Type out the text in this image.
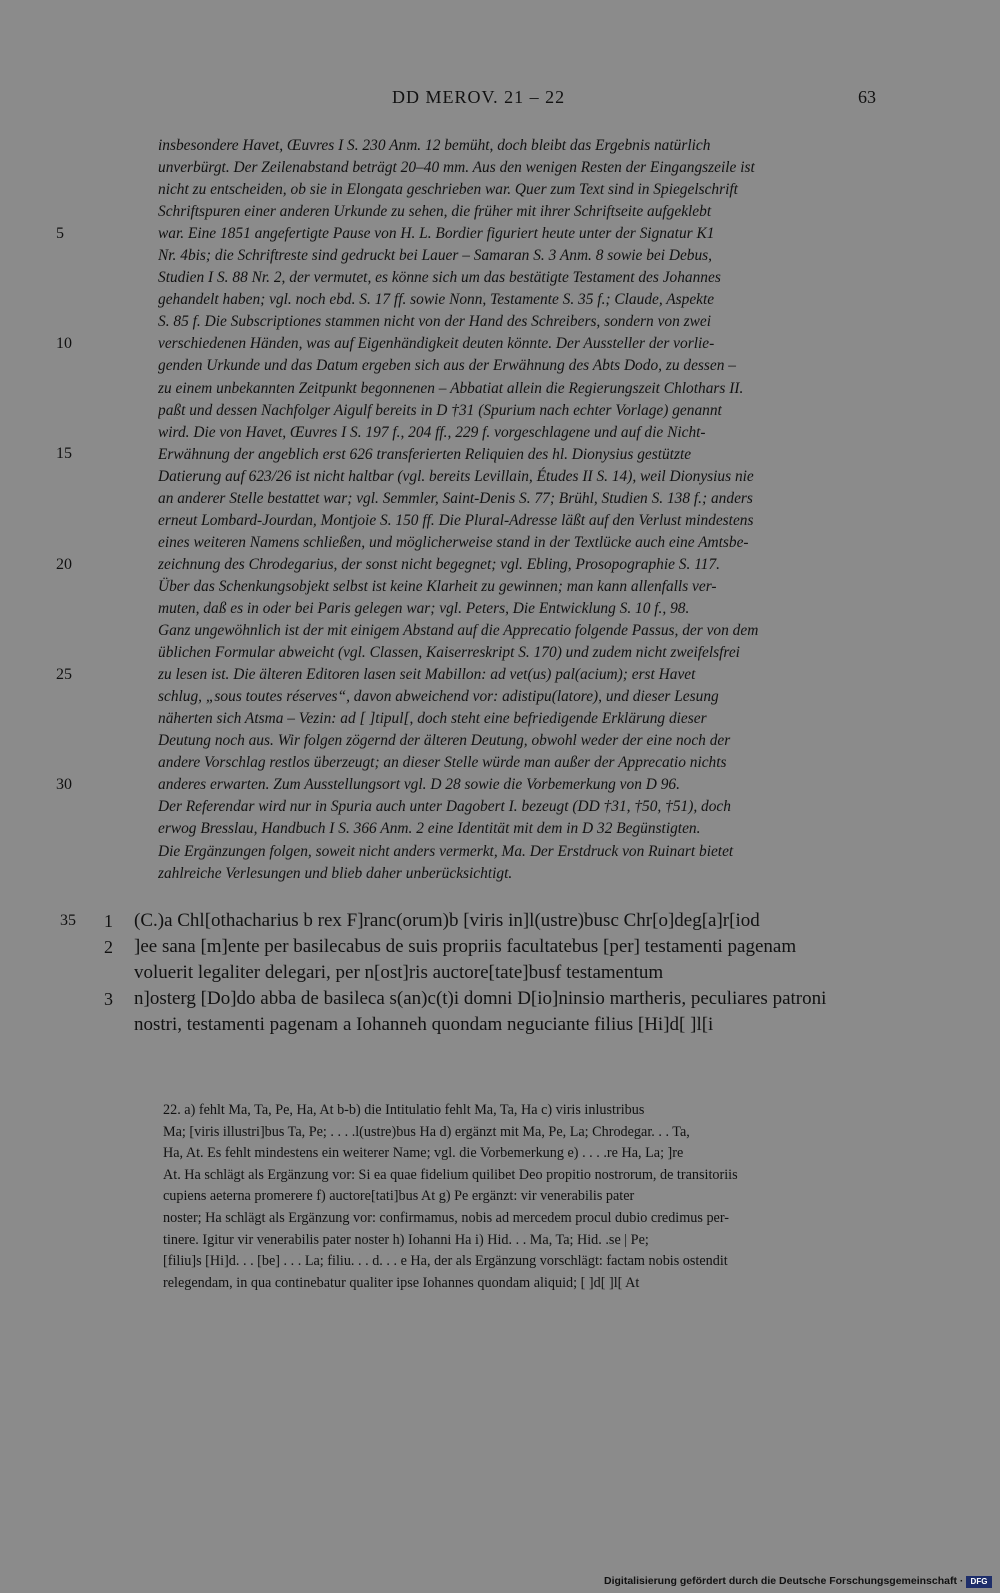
DD MEROV. 21 – 22	63
insbesondere Havet, Œuvres I S. 230 Anm. 12 bemüht, doch bleibt das Ergebnis natürlich
unverbürgt. Der Zeilenabstand beträgt 20–40 mm. Aus den wenigen Resten der Eingangszeile ist
nicht zu entscheiden, ob sie in Elongata geschrieben war. Quer zum Text sind in Spiegelschrift
Schriftspuren einer anderen Urkunde zu sehen, die früher mit ihrer Schriftseite aufgeklebt
war. Eine 1851 angefertigte Pause von H. L. Bordier figuriert heute unter der Signatur K1
Nr. 4bis; die Schriftreste sind gedruckt bei Lauer – Samaran S. 3 Anm. 8 sowie bei Debus,
Studien I S. 88 Nr. 2, der vermutet, es könne sich um das bestätigte Testament des Johannes
gehandelt haben; vgl. noch ebd. S. 17 ff. sowie Nonn, Testamente S. 35 f.; Claude, Aspekte
S. 85 f. Die Subscriptiones stammen nicht von der Hand des Schreibers, sondern von zwei
verschiedenen Händen, was auf Eigenhändigkeit deuten könnte. Der Aussteller der vorlie-
genden Urkunde und das Datum ergeben sich aus der Erwähnung des Abts Dodo, zu dessen –
zu einem unbekannten Zeitpunkt begonnenen – Abbatiat allein die Regierungszeit Chlothars II.
paßt und dessen Nachfolger Aigulf bereits in D †31 (Spurium nach echter Vorlage) genannt
wird. Die von Havet, Œuvres I S. 197 f., 204 ff., 229 f. vorgeschlagene und auf die Nicht-
Erwähnung der angeblich erst 626 transferierten Reliquien des hl. Dionysius gestützte
Datierung auf 623/26 ist nicht haltbar (vgl. bereits Levillain, Études II S. 14), weil Dionysius nie
an anderer Stelle bestattet war; vgl. Semmler, Saint-Denis S. 77; Brühl, Studien S. 138 f.; anders
erneut Lombard-Jourdan, Montjoie S. 150 ff. Die Plural-Adresse läßt auf den Verlust mindestens
eines weiteren Namens schließen, und möglicherweise stand in der Textlücke auch eine Amtsbe-
zeichnung des Chrodegarius, der sonst nicht begegnet; vgl. Ebling, Prosopographie S. 117.
Über das Schenkungsobjekt selbst ist keine Klarheit zu gewinnen; man kann allenfalls ver-
muten, daß es in oder bei Paris gelegen war; vgl. Peters, Die Entwicklung S. 10 f., 98.
Ganz ungewöhnlich ist der mit einigem Abstand auf die Apprecatio folgende Passus, der von dem
üblichen Formular abweicht (vgl. Classen, Kaiserreskript S. 170) und zudem nicht zweifelsfrei
zu lesen ist. Die älteren Editoren lasen seit Mabillon: ad vet(us) pal(acium); erst Havet
schlug, „sous toutes réserves“, davon abweichend vor: adistipu(latore), und dieser Lesung
näherten sich Atsma – Vezin: ad [ ]tipul[, doch steht eine befriedigende Erklärung dieser
Deutung noch aus. Wir folgen zögernd der älteren Deutung, obwohl weder der eine noch der
andere Vorschlag restlos überzeugt; an dieser Stelle würde man außer der Apprecatio nichts
anderes erwarten. Zum Ausstellungsort vgl. D 28 sowie die Vorbemerkung von D 96.
Der Referendar wird nur in Spuria auch unter Dagobert I. bezeugt (DD †31, †50, †51), doch
erwog Bresslau, Handbuch I S. 366 Anm. 2 eine Identität mit dem in D 32 Begünstigten.
Die Ergänzungen folgen, soweit nicht anders vermerkt, Ma. Der Erstdruck von Ruinart bietet
zahlreiche Verlesungen und blieb daher unberücksichtigt.
5
10
15
20
25
30
35 1 (C.)a Chl[othacharius b rex F]ranc(orum)b [viris in]l(ustre)busc Chr[o]deg[a]r[iod
2 ]ee sana [m]ente per basilecabus de suis propriis facultatebus [per] testamenti pagenam
voluerit legaliter delegari, per n[ost]ris auctore[tate]busf testamentum
3 n]osterg [Do]do abba de basileca s(an)c(t)i domni D[io]ninsio martheris, peculiares patroni
nostri, testamenti pagenam a Iohanneh quondam neguciante filius [Hi]d[ ]l[i
22. a) fehlt Ma, Ta, Pe, Ha, At b-b) die Intitulatio fehlt Ma, Ta, Ha c) viris inlustribus
Ma; [viris illustri]bus Ta, Pe; . . . .l(ustre)bus Ha d) ergänzt mit Ma, Pe, La; Chrodegar. . . Ta,
Ha, At. Es fehlt mindestens ein weiterer Name; vgl. die Vorbemerkung e) . . . .re Ha, La; ]re
At. Ha schlägt als Ergänzung vor: Si ea quae fidelium quilibet Deo propitio nostrorum, de transitoriis
cupiens aeterna promerere f) auctore[tati]bus At g) Pe ergänzt: vir venerabilis pater
noster; Ha schlägt als Ergänzung vor: confirmamus, nobis ad mercedem procul dubio credimus per-
tinere. Igitur vir venerabilis pater noster h) Iohanni Ha i) Hid. . . Ma, Ta; Hid. .se | Pe;
[filiu]s [Hi]d. . . [be] . . . La; filiu. . . d. . . e Ha, der als Ergänzung vorschlägt: factam nobis ostendit
relegendam, in qua continebatur qualiter ipse Iohannes quondam aliquid; [ ]d[ ]l[ At
Digitalisierung gefördert durch die Deutsche Forschungsgemeinschaft · DFG
